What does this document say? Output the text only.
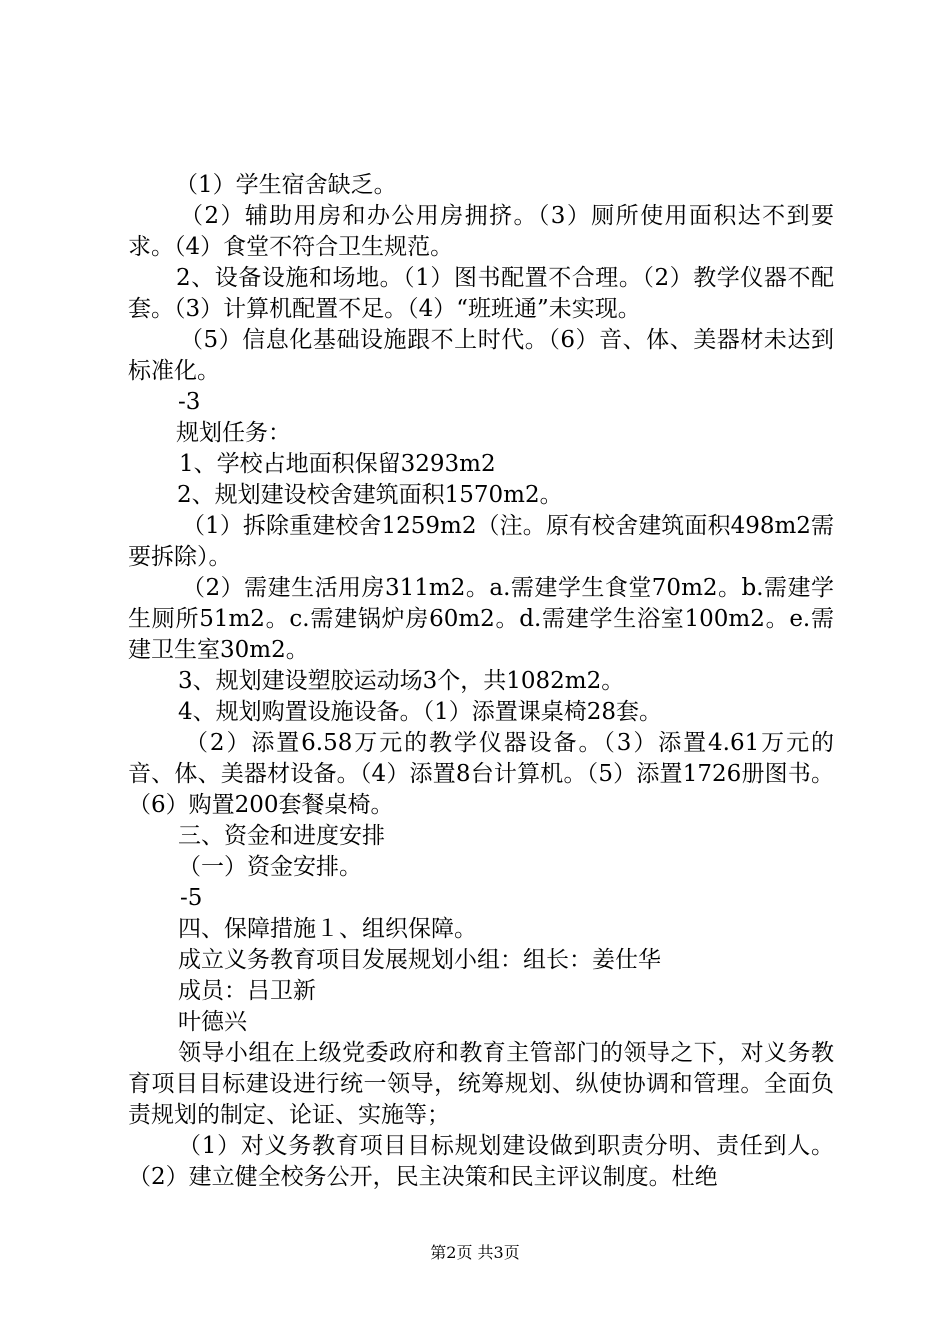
（1）学生宿舍缺乏。

（2）辅助用房和办公用房拥挤。（3）厕所使用面积达不到要求。（4）食堂不符合卫生规范。

2、设备设施和场地。（1）图书配置不合理。（2）教学仪器不配套。（3）计算机配置不足。（4）“班班通”未实现。

（5）信息化基础设施跟不上时代。（6）音、体、美器材未达到标准化。

-3

规划任务：

1、学校占地面积保留3293m2

2、规划建设校舍建筑面积1570m2。

（1）拆除重建校舍1259m2（注。原有校舍建筑面积498m2需要拆除）。

（2）需建生活用房311m2。a.需建学生食堂70m2。b.需建学生厕所51m2。c.需建锅炉房60m2。d.需建学生浴室100m2。e.需建卫生室30m2。

3、规划建设塑胶运动场3个，共1082m2。

4、规划购置设施设备。（1）添置课桌椅28套。

（2）添置6.58万元的教学仪器设备。（3）添置4.61万元的音、体、美器材设备。（4）添置8台计算机。（5）添置1726册图书。（6）购置200套餐桌椅。

三、资金和进度安排

（一）资金安排。

-5

四、保障措施１、组织保障。

成立义务教育项目发展规划小组：组长：姜仕华

成员：吕卫新

叶德兴

领导小组在上级党委政府和教育主管部门的领导之下，对义务教育项目目标建设进行统一领导，统筹规划、纵使协调和管理。全面负责规划的制定、论证、实施等；

（1）对义务教育项目目标规划建设做到职责分明、责任到人。（2）建立健全校务公开，民主决策和民主评议制度。杜绝

第2页 共3页
